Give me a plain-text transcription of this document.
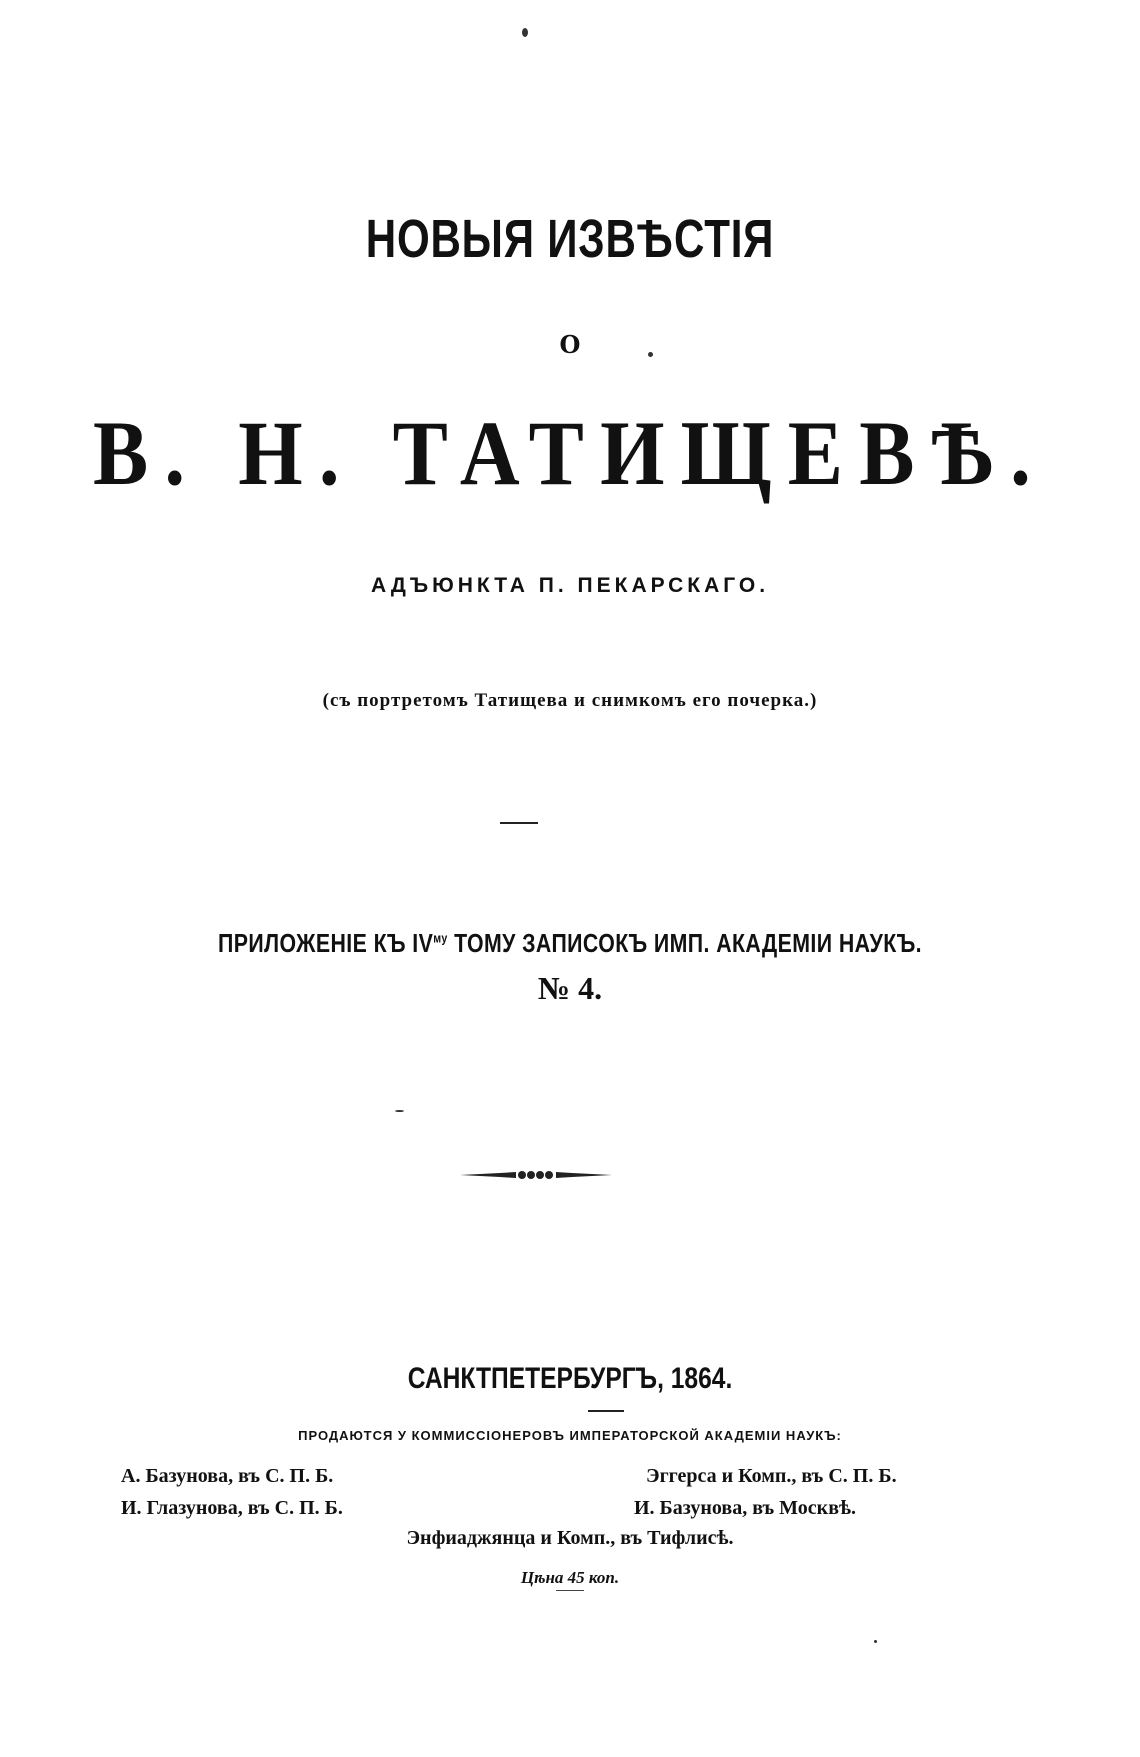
НОВЫЯ ИЗВѢСТІЯ
О
В. Н. ТАТИЩЕВѢ.
АДЪЮНКТА П. ПЕКАРСКАГО.
(съ портретомъ Татищева и снимкомъ его почерка.)
ПРИЛОЖЕНІЕ КЪ $IV^{му}$ ТОМУ ЗАПИСОКЪ ИМП. АКАДЕМІИ НАУКЪ.
№ 4.
САНКТПЕТЕРБУРГЪ, 1864.
ПРОДАЮТСЯ У КОММИССІОНЕРОВЪ ИМПЕРАТОРСКОЙ АКАДЕМІИ НАУКЪ:
А. Базунова, въ С. П. Б.	Эггерса и Комп., въ С. П. Б.
И. Глазунова, въ С. П. Б.	И. Базунова, въ Москвѣ.
Энфиаджянца и Комп., въ Тифлисѣ.
Цѣна 45 коп.
